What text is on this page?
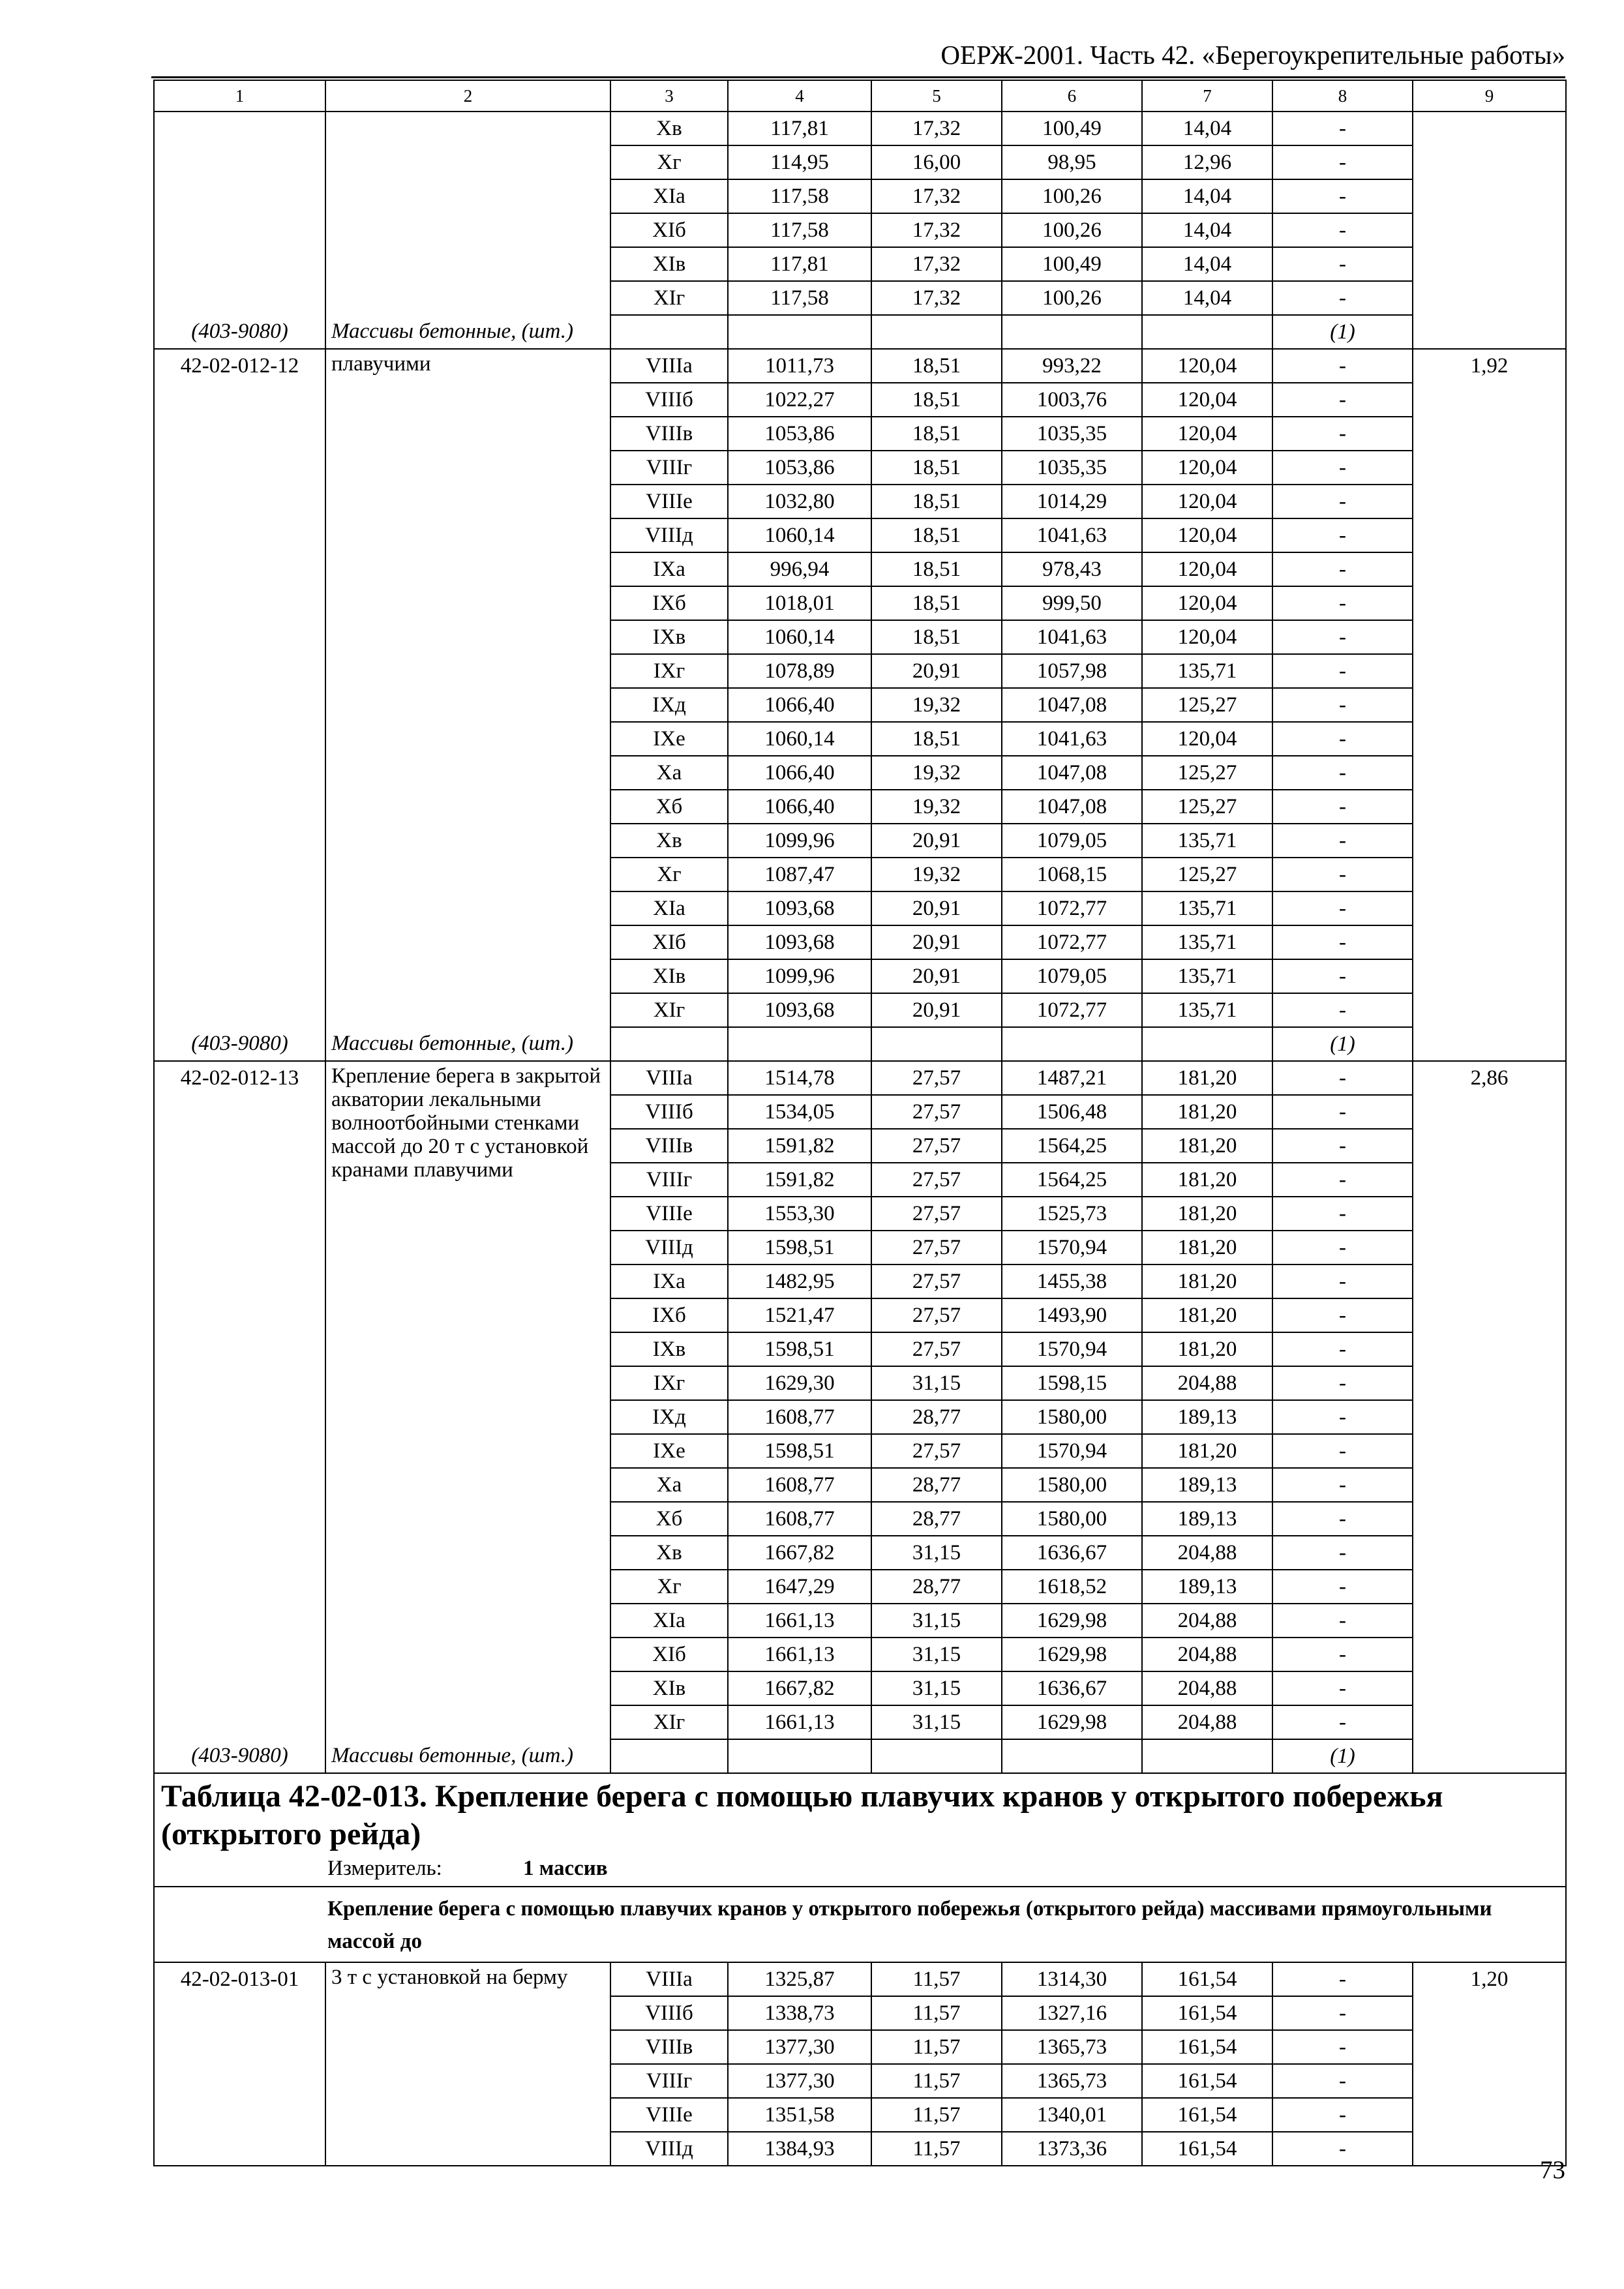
ОЕРЖ-2001. Часть 42. «Берегоукрепительные работы»
1	2	3	4	5	6	7	8	9
		Хв	117,81	17,32	100,49	14,04	-	
		Хг	114,95	16,00	98,95	12,96	-	
		ХIа	117,58	17,32	100,26	14,04	-	
		ХIб	117,58	17,32	100,26	14,04	-	
		ХIв	117,81	17,32	100,49	14,04	-	
		ХIг	117,58	17,32	100,26	14,04	-	
(403-9080)	Массивы бетонные, (шт.)						(1)	
42-02-012-12	плавучими	VIIIа	1011,73	18,51	993,22	120,04	-	1,92
		VIIIб	1022,27	18,51	1003,76	120,04	-	
		VIIIв	1053,86	18,51	1035,35	120,04	-	
		VIIIг	1053,86	18,51	1035,35	120,04	-	
		VIIIе	1032,80	18,51	1014,29	120,04	-	
		VIIIд	1060,14	18,51	1041,63	120,04	-	
		IXа	996,94	18,51	978,43	120,04	-	
		IXб	1018,01	18,51	999,50	120,04	-	
		IXв	1060,14	18,51	1041,63	120,04	-	
		IXг	1078,89	20,91	1057,98	135,71	-	
		IXд	1066,40	19,32	1047,08	125,27	-	
		IXе	1060,14	18,51	1041,63	120,04	-	
		Ха	1066,40	19,32	1047,08	125,27	-	
		Хб	1066,40	19,32	1047,08	125,27	-	
		Хв	1099,96	20,91	1079,05	135,71	-	
		Хг	1087,47	19,32	1068,15	125,27	-	
		ХIа	1093,68	20,91	1072,77	135,71	-	
		ХIб	1093,68	20,91	1072,77	135,71	-	
		ХIв	1099,96	20,91	1079,05	135,71	-	
		ХIг	1093,68	20,91	1072,77	135,71	-	
(403-9080)	Массивы бетонные, (шт.)						(1)	
42-02-012-13	Крепление берега в закрытой акватории лекальными волноотбойными стенками массой до 20 т с установкой кранами плавучими	VIIIа	1514,78	27,57	1487,21	181,20	-	2,86
		VIIIб	1534,05	27,57	1506,48	181,20	-	
		VIIIв	1591,82	27,57	1564,25	181,20	-	
		VIIIг	1591,82	27,57	1564,25	181,20	-	
		VIIIе	1553,30	27,57	1525,73	181,20	-	
		VIIIд	1598,51	27,57	1570,94	181,20	-	
		IXа	1482,95	27,57	1455,38	181,20	-	
		IXб	1521,47	27,57	1493,90	181,20	-	
		IXв	1598,51	27,57	1570,94	181,20	-	
		IXг	1629,30	31,15	1598,15	204,88	-	
		IXд	1608,77	28,77	1580,00	189,13	-	
		IXе	1598,51	27,57	1570,94	181,20	-	
		Ха	1608,77	28,77	1580,00	189,13	-	
		Хб	1608,77	28,77	1580,00	189,13	-	
		Хв	1667,82	31,15	1636,67	204,88	-	
		Хг	1647,29	28,77	1618,52	189,13	-	
		ХIа	1661,13	31,15	1629,98	204,88	-	
		ХIб	1661,13	31,15	1629,98	204,88	-	
		ХIв	1667,82	31,15	1636,67	204,88	-	
		ХIг	1661,13	31,15	1629,98	204,88	-	
(403-9080)	Массивы бетонные, (шт.)						(1)	

Таблица 42-02-013. Крепление берега с помощью плавучих кранов у открытого побережья (открытого рейда)
Измеритель: 1 массив								

Крепление берега с помощью плавучих кранов у открытого побережья (открытого рейда) массивами прямоугольными массой до								
42-02-013-01	3 т с установкой на берму	VIIIа	1325,87	11,57	1314,30	161,54	-	1,20
		VIIIб	1338,73	11,57	1327,16	161,54	-	
		VIIIв	1377,30	11,57	1365,73	161,54	-	
		VIIIг	1377,30	11,57	1365,73	161,54	-	
		VIIIе	1351,58	11,57	1340,01	161,54	-	
		VIIIд	1384,93	11,57	1373,36	161,54	-	
73
